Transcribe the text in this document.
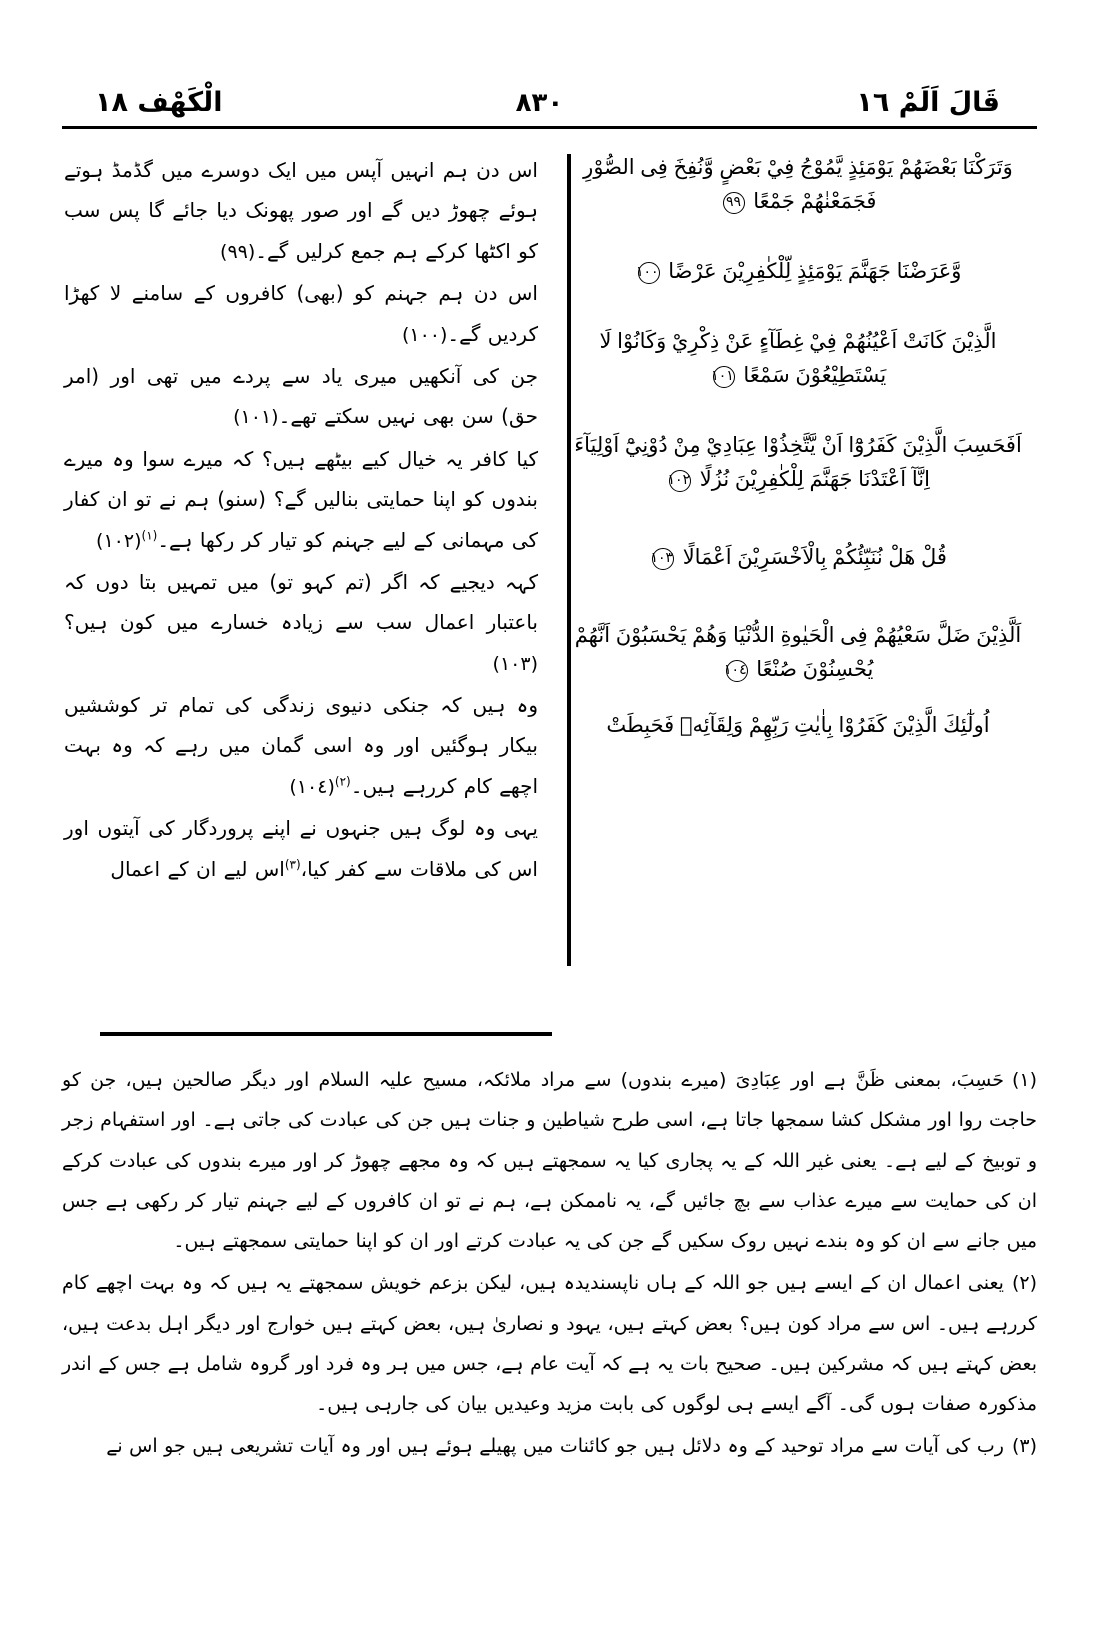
قَالَ اَلَمْ ١٦
٨٣٠
الْکَهْف ١٨

وَتَرَكْنَا بَعْضَهُمْ يَوْمَئِذٍ يَّمُوْجُ فِيْ بَعْضٍ وَّنُفِخَ فِى الصُّوْرِ فَجَمَعْنٰهُمْ جَمْعًا ٩٩

وَّعَرَضْنَا جَهَنَّمَ يَوْمَئِذٍ لِّلْكٰفِرِيْنَ عَرْضًا ١٠٠

الَّذِيْنَ كَانَتْ اَعْيُنُهُمْ فِيْ غِطَآءٍ عَنْ ذِكْرِيْ وَكَانُوْا لَا يَسْتَطِيْعُوْنَ سَمْعًا ١٠١

اَفَحَسِبَ الَّذِيْنَ كَفَرُوْٓا اَنْ يَّتَّخِذُوْا عِبَادِيْ مِنْ دُوْنِيْٓ اَوْلِيَآءَ اِنَّآ اَعْتَدْنَا جَهَنَّمَ لِلْكٰفِرِيْنَ نُزُلًا ١٠٢

قُلْ هَلْ نُنَبِّئُكُمْ بِالْاَخْسَرِيْنَ اَعْمَالًا ١٠٣

اَلَّذِيْنَ ضَلَّ سَعْيُهُمْ فِى الْحَيٰوةِ الدُّنْيَا وَهُمْ يَحْسَبُوْنَ اَنَّهُمْ يُحْسِنُوْنَ صُنْعًا ١٠٤

اُولٰٓئِكَ الَّذِيْنَ كَفَرُوْا بِاٰيٰتِ رَبِّهِمْ وَلِقَآئِهٖ فَحَبِطَتْ

اس دن ہم انہیں آپس میں ایک دوسرے میں گڈمڈ ہوتے ہوئے چھوڑ دیں گے اور صور پھونک دیا جائے گا پس سب کو اکٹھا کرکے ہم جمع کرلیں گے۔(٩٩)

اس دن ہم جہنم کو (بھی) کافروں کے سامنے لا کھڑا کردیں گے۔(١٠٠)

جن کی آنکھیں میری یاد سے پردے میں تھی اور (امر حق) سن بھی نہیں سکتے تھے۔(١٠١)

کیا کافر یہ خیال کیے بیٹھے ہیں؟ کہ میرے سوا وہ میرے بندوں کو اپنا حمایتی بنالیں گے؟ (سنو) ہم نے تو ان کفار کی مہمانی کے لیے جہنم کو تیار کر رکھا ہے۔$^{(١)}$(١٠٢)

کہہ دیجیے کہ اگر (تم کہو تو) میں تمہیں بتا دوں کہ باعتبار اعمال سب سے زیادہ خسارے میں کون ہیں؟(١٠٣)

وہ ہیں کہ جنکی دنیوی زندگی کی تمام تر کوششیں بیکار ہوگئیں اور وہ اسی گمان میں رہے کہ وہ بہت اچھے کام کررہے ہیں۔$^{(٢)}$(١٠٤)

یہی وہ لوگ ہیں جنہوں نے اپنے پروردگار کی آیتوں اور اس کی ملاقات سے کفر کیا،$^{(٣)}$اس لیے ان کے اعمال

(١)حَسِبَ، بمعنی ظَنَّ ہے اور عِبَادِیَ (میرے بندوں) سے مراد ملائکہ، مسیح علیہ السلام اور دیگر صالحین ہیں، جن کو حاجت روا اور مشکل کشا سمجھا جاتا ہے، اسی طرح شیاطین و جنات ہیں جن کی عبادت کی جاتی ہے۔ اور استفہام زجر و توبیخ کے لیے ہے۔ یعنی غیر اللہ کے یہ پجاری کیا یہ سمجھتے ہیں کہ وہ مجھے چھوڑ کر اور میرے بندوں کی عبادت کرکے ان کی حمایت سے میرے عذاب سے بچ جائیں گے، یہ ناممکن ہے، ہم نے تو ان کافروں کے لیے جہنم تیار کر رکھی ہے جس میں جانے سے ان کو وہ بندے نہیں روک سکیں گے جن کی یہ عبادت کرتے اور ان کو اپنا حمایتی سمجھتے ہیں۔

(٢)یعنی اعمال ان کے ایسے ہیں جو اللہ کے ہاں ناپسندیدہ ہیں، لیکن بزعم خویش سمجھتے یہ ہیں کہ وہ بہت اچھے کام کررہے ہیں۔ اس سے مراد کون ہیں؟ بعض کہتے ہیں، یہود و نصاریٰ ہیں، بعض کہتے ہیں خوارج اور دیگر اہل بدعت ہیں، بعض کہتے ہیں کہ مشرکین ہیں۔ صحیح بات یہ ہے کہ آیت عام ہے، جس میں ہر وہ فرد اور گروہ شامل ہے جس کے اندر مذکورہ صفات ہوں گی۔ آگے ایسے ہی لوگوں کی بابت مزید وعیدیں بیان کی جارہی ہیں۔

(٣)رب کی آیات سے مراد توحید کے وہ دلائل ہیں جو کائنات میں پھیلے ہوئے ہیں اور وہ آیات تشریعی ہیں جو اس نے
